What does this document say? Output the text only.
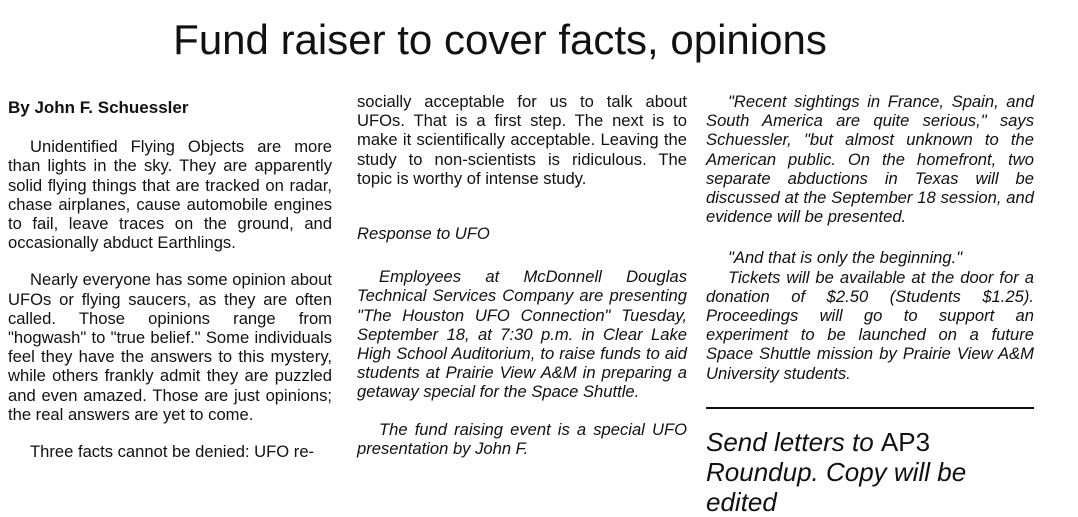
Fund raiser to cover facts, opinions

By John F. Schuessler

Unidentified Flying Objects are more than lights in the sky. They are apparently solid flying things that are tracked on radar, chase airplanes, cause automobile engines to fail, leave traces on the ground, and occasionally abduct Earthlings.

Nearly everyone has some opinion about UFOs or flying saucers, as they are often called. Those opinions range from "hogwash" to "true belief." Some individuals feel they have the answers to this mystery, while others frankly admit they are puzzled and even amazed. Those are just opinions; the real answers are yet to come.

Three facts cannot be denied: UFO re-

socially acceptable for us to talk about UFOs. That is a first step. The next is to make it scientifically acceptable. Leaving the study to non-scientists is ridiculous. The topic is worthy of intense study.

Response to UFO

Employees at McDonnell Douglas Technical Services Company are presenting "The Houston UFO Connection" Tuesday, September 18, at 7:30 p.m. in Clear Lake High School Auditorium, to raise funds to aid students at Prairie View A&M in preparing a getaway special for the Space Shuttle.

The fund raising event is a special UFO presentation by John F.

"Recent sightings in France, Spain, and South America are quite serious," says Schuessler, "but almost unknown to the American public. On the homefront, two separate abductions in Texas will be discussed at the September 18 session, and evidence will be presented.

"And that is only the beginning."

Tickets will be available at the door for a donation of $2.50 (Students $1.25). Proceedings will go to support an experiment to be launched on a future Space Shuttle mission by Prairie View A&M University students.

Send letters to AP3 Roundup. Copy will be edited
